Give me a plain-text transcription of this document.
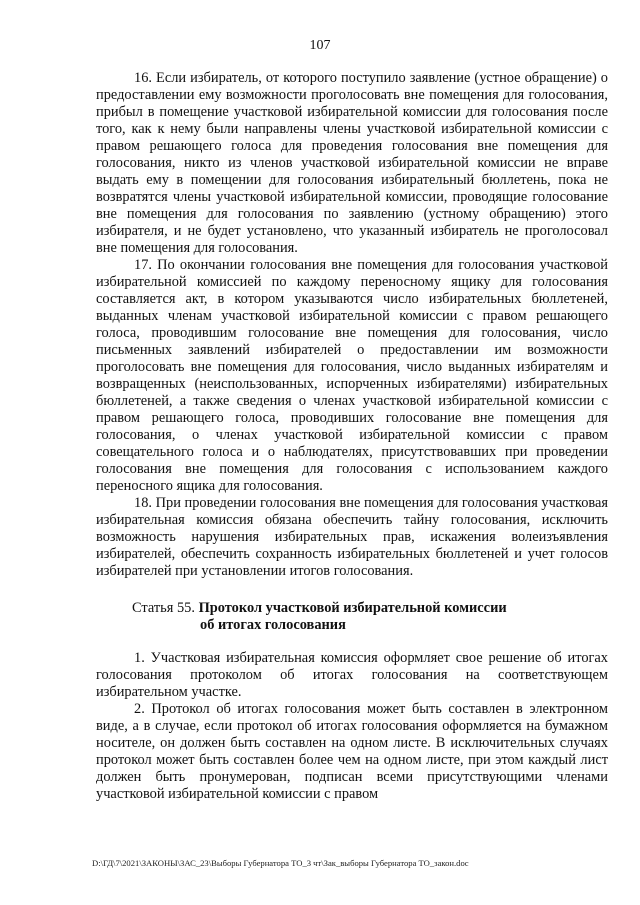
107

16. Если избиратель, от которого поступило заявление (устное обращение) о предоставлении ему возможности проголосовать вне помещения для голосования, прибыл в помещение участковой избирательной комиссии для голосования после того, как к нему были направлены члены участковой избирательной комиссии с правом решающего голоса для проведения голосования вне помещения для голосования, никто из членов участковой избирательной комиссии не вправе выдать ему в помещении для голосования избирательный бюллетень, пока не возвратятся члены участковой избирательной комиссии, проводящие голосование вне помещения для голосования по заявлению (устному обращению) этого избирателя, и не будет установлено, что указанный избиратель не проголосовал вне помещения для голосования.

17. По окончании голосования вне помещения для голосования участковой избирательной комиссией по каждому переносному ящику для голосования составляется акт, в котором указываются число избирательных бюллетеней, выданных членам участковой избирательной комиссии с правом решающего голоса, проводившим голосование вне помещения для голосования, число письменных заявлений избирателей о предоставлении им возможности проголосовать вне помещения для голосования, число выданных избирателям и возвращенных (неиспользованных, испорченных избирателями) избирательных бюллетеней, а также сведения о членах участковой избирательной комиссии с правом решающего голоса, проводивших голосование вне помещения для голосования, о членах участковой избирательной комиссии с правом совещательного голоса и о наблюдателях, присутствовавших при проведении голосования вне помещения для голосования с использованием каждого переносного ящика для голосования.

18. При проведении голосования вне помещения для голосования участковая избирательная комиссия обязана обеспечить тайну голосования, исключить возможность нарушения избирательных прав, искажения волеизъявления избирателей, обеспечить сохранность избирательных бюллетеней и учет голосов избирателей при установлении итогов голосования.

Статья 55. Протокол участковой избирательной комиссии
об итогах голосования

1. Участковая избирательная комиссия оформляет свое решение об итогах голосования протоколом об итогах голосования на соответствующем избирательном участке.

2. Протокол об итогах голосования может быть составлен в электронном виде, а в случае, если протокол об итогах голосования оформляется на бумажном носителе, он должен быть составлен на одном листе. В исключительных случаях протокол может быть составлен более чем на одном листе, при этом каждый лист должен быть пронумерован, подписан всеми присутствующими членами участковой избирательной комиссии с правом

D:\ГД\7\2021\ЗАКОНЫ\ЗАС_23\Выборы Губернатора ТО_3 чт\Зак_выборы Губернатора ТО_закон.doc
